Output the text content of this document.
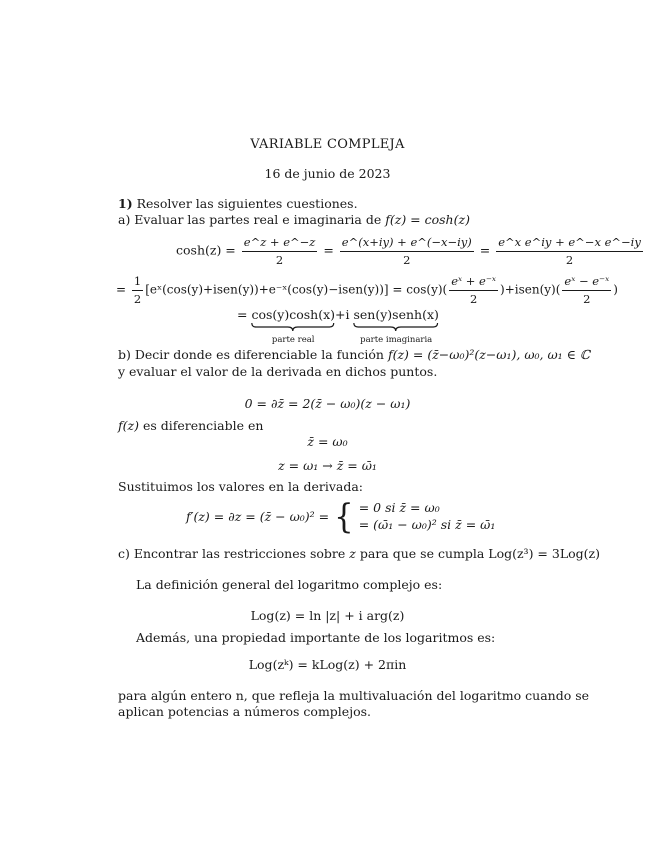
VARIABLE COMPLEJA
16 de junio de 2023
1) Resolver las siguientes cuestiones.
a) Evaluar las partes real e imaginaria de f(z) = cosh(z)
$\cosh(z) = \frac{e\^{}z + e\^{}-z}{2} = \frac{e\^{}(x+iy) + e\^{}(-x-iy)}{2} = \frac{\text{e\textasciicircum{}x e\textasciicircum{}iy + e\textasciicircum{}−x e\textasciicircum{}−iy}}{2}$
= $\frac{1}{2}$ [eˣ(cos(y)+isen(y))+e⁻ˣ(cos(y)−isen(y))] = $\cos(y)( \frac{\text{eˣ + e⁻ˣ}}{2}$ )+isen(y)( $\frac{\text{eˣ − e⁻ˣ}}{2}$ )
= cos(y)cosh(x)
parte real
+i sen(y)senh(x)
parte imaginaria
b) Decir donde es diferenciable la función f(z) = (z̄−ω₀)²(z−ω₁), ω₀, ω₁ ∈ ℂ
y evaluar el valor de la derivada en dichos puntos.
0 = ∂z̄ = 2(z̄ − ω₀)(z − ω₁)
f(z) es diferenciable en
z̄ = ω₀
z = ω₁ → z̄ = ω̄₁
Sustituimos los valores en la derivada:
f′(z) = ∂z = (z̄ − ω₀)² = { = 0 si z̄ = ω₀
= (ω̄₁ − ω₀)² si z̄ = ω̄₁
c) Encontrar las restricciones sobre z para que se cumpla Log(z³) = 3Log(z)
La definición general del logaritmo complejo es:
Log(z) = ln |z| + i arg(z)
Además, una propiedad importante de los logaritmos es:
Log(zᵏ) = kLog(z) + 2πin
para algún entero n, que refleja la multivaluación del logaritmo cuando se
aplican potencias a números complejos.
